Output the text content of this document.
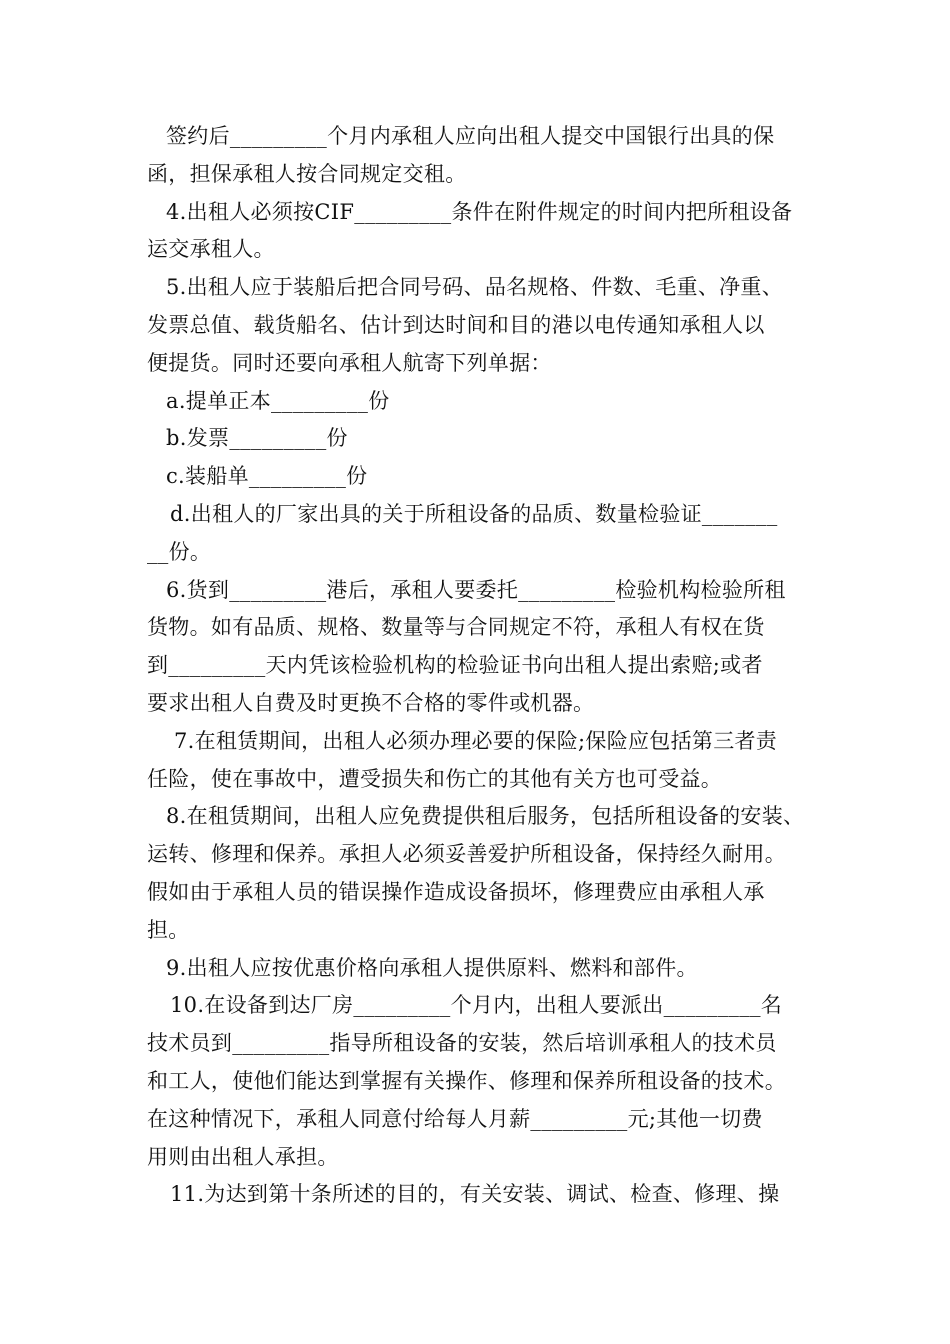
签约后_________个月内承租人应向出租人提交中国银行出具的保
函，担保承租人按合同规定交租。
4.出租人必须按CIF_________条件在附件规定的时间内把所租设备
运交承租人。
5.出租人应于装船后把合同号码、品名规格、件数、毛重、净重、
发票总值、载货船名、估计到达时间和目的港以电传通知承租人以
便提货。同时还要向承租人航寄下列单据：
a.提单正本_________份
b.发票_________份
c.装船单_________份
d.出租人的厂家出具的关于所租设备的品质、数量检验证_______
__份。
6.货到_________港后，承租人要委托_________检验机构检验所租
货物。如有品质、规格、数量等与合同规定不符，承租人有权在货
到_________天内凭该检验机构的检验证书向出租人提出索赔;或者
要求出租人自费及时更换不合格的零件或机器。
7.在租赁期间，出租人必须办理必要的保险;保险应包括第三者责
任险，使在事故中，遭受损失和伤亡的其他有关方也可受益。
8.在租赁期间，出租人应免费提供租后服务，包括所租设备的安装、
运转、修理和保养。承担人必须妥善爱护所租设备，保持经久耐用。
假如由于承租人员的错误操作造成设备损坏，修理费应由承租人承
担。
9.出租人应按优惠价格向承租人提供原料、燃料和部件。
10.在设备到达厂房_________个月内，出租人要派出_________名
技术员到_________指导所租设备的安装，然后培训承租人的技术员
和工人，使他们能达到掌握有关操作、修理和保养所租设备的技术。
在这种情况下，承租人同意付给每人月薪_________元;其他一切费
用则由出租人承担。
11.为达到第十条所述的目的，有关安装、调试、检查、修理、操
